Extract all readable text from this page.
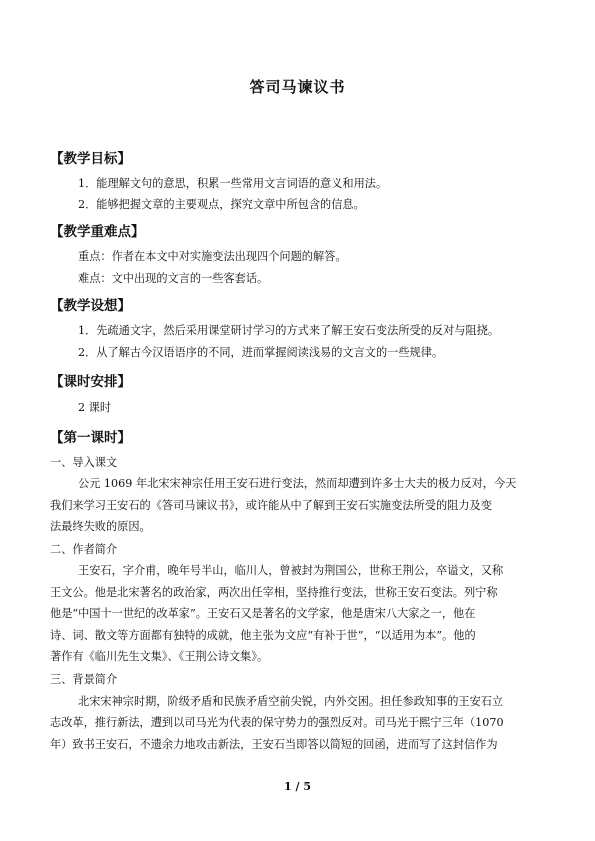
答司马谏议书
【教学目标】
1．能理解文句的意思，积累一些常用文言词语的意义和用法。
2．能够把握文章的主要观点，探究文章中所包含的信息。
【教学重难点】
重点：作者在本文中对实施变法出现四个问题的解答。
难点：文中出现的文言的一些客套话。
【教学设想】
1．先疏通文字，然后采用课堂研讨学习的方式来了解王安石变法所受的反对与阻挠。
2．从了解古今汉语语序的不同，进而掌握阅读浅易的文言文的一些规律。
【课时安排】
2 课时
【第一课时】
一、导入课文
公元 1069 年北宋宋神宗任用王安石进行变法，然而却遭到许多士大夫的极力反对，今天
我们来学习王安石的《答司马谏议书》，或许能从中了解到王安石实施变法所受的阻力及变
法最终失败的原因。
二、作者简介
王安石，字介甫，晚年号半山，临川人，曾被封为荆国公，世称王荆公，卒谥文，又称
王文公。他是北宋著名的政治家，两次出任宰相，坚持推行变法，世称王安石变法。列宁称
他是“中国十一世纪的改革家”。王安石又是著名的文学家，他是唐宋八大家之一，他在
诗、词、散文等方面都有独特的成就，他主张为文应“有补于世”，“以适用为本”。他的
著作有《临川先生文集》、《王荆公诗文集》。
三、背景简介
北宋宋神宗时期，阶级矛盾和民族矛盾空前尖锐，内外交困。担任参政知事的王安石立
志改革，推行新法，遭到以司马光为代表的保守势力的强烈反对。司马光于熙宁三年（1070
年）致书王安石，不遗余力地攻击新法，王安石当即答以简短的回函，进而写了这封信作为
1 / 5
